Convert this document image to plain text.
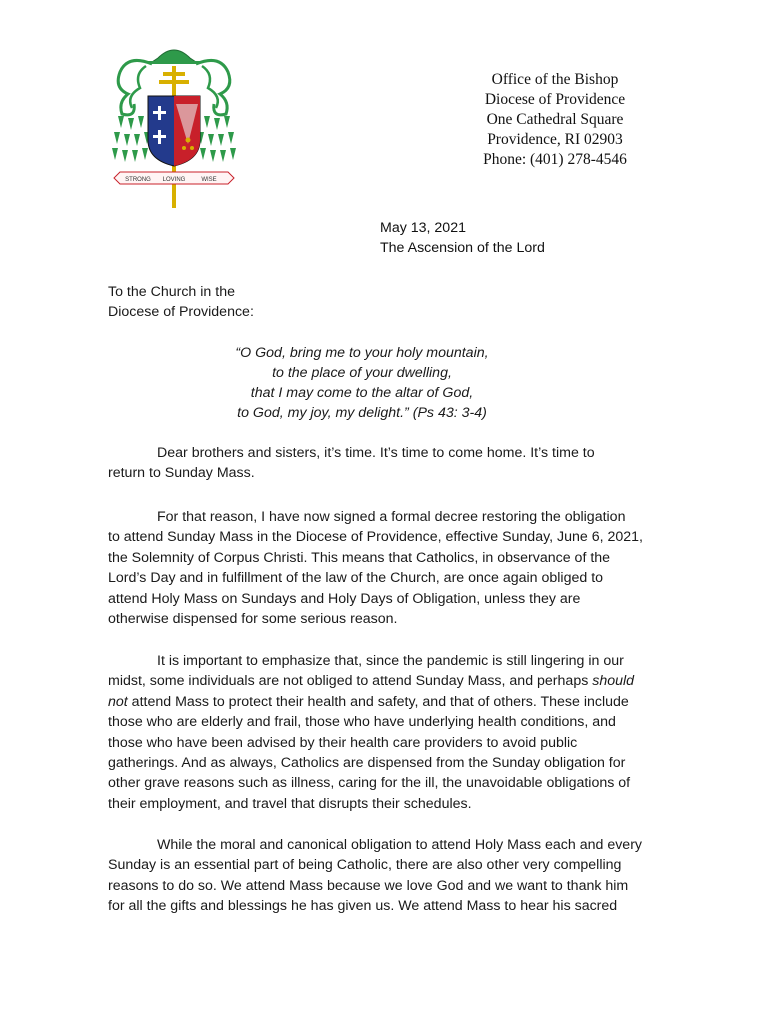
STRONG LOVING	WISE
Office of the Bishop
Diocese of Providence
One Cathedral Square
Providence, RI 02903
Phone: (401) 278-4546
May 13, 2021
The Ascension of the Lord
To the Church in the
Diocese of Providence:
“O God, bring me to your holy mountain,
to the place of your dwelling,
that I may come to the altar of God,
to God, my joy, my delight.” (Ps 43: 3-4)
Dear brothers and sisters, it’s time. It’s time to come home. It’s time to
return to Sunday Mass.
For that reason, I have now signed a formal decree restoring the obligation
to attend Sunday Mass in the Diocese of Providence, effective Sunday, June 6, 2021,
the Solemnity of Corpus Christi. This means that Catholics, in observance of the
Lord’s Day and in fulfillment of the law of the Church, are once again obliged to
attend Holy Mass on Sundays and Holy Days of Obligation, unless they are
otherwise dispensed for some serious reason.
It is important to emphasize that, since the pandemic is still lingering in our
midst, some individuals are not obliged to attend Sunday Mass, and perhaps should
not attend Mass to protect their health and safety, and that of others. These include
those who are elderly and frail, those who have underlying health conditions, and
those who have been advised by their health care providers to avoid public
gatherings. And as always, Catholics are dispensed from the Sunday obligation for
other grave reasons such as illness, caring for the ill, the unavoidable obligations of
their employment, and travel that disrupts their schedules.
While the moral and canonical obligation to attend Holy Mass each and every
Sunday is an essential part of being Catholic, there are also other very compelling
reasons to do so. We attend Mass because we love God and we want to thank him
for all the gifts and blessings he has given us. We attend Mass to hear his sacred
